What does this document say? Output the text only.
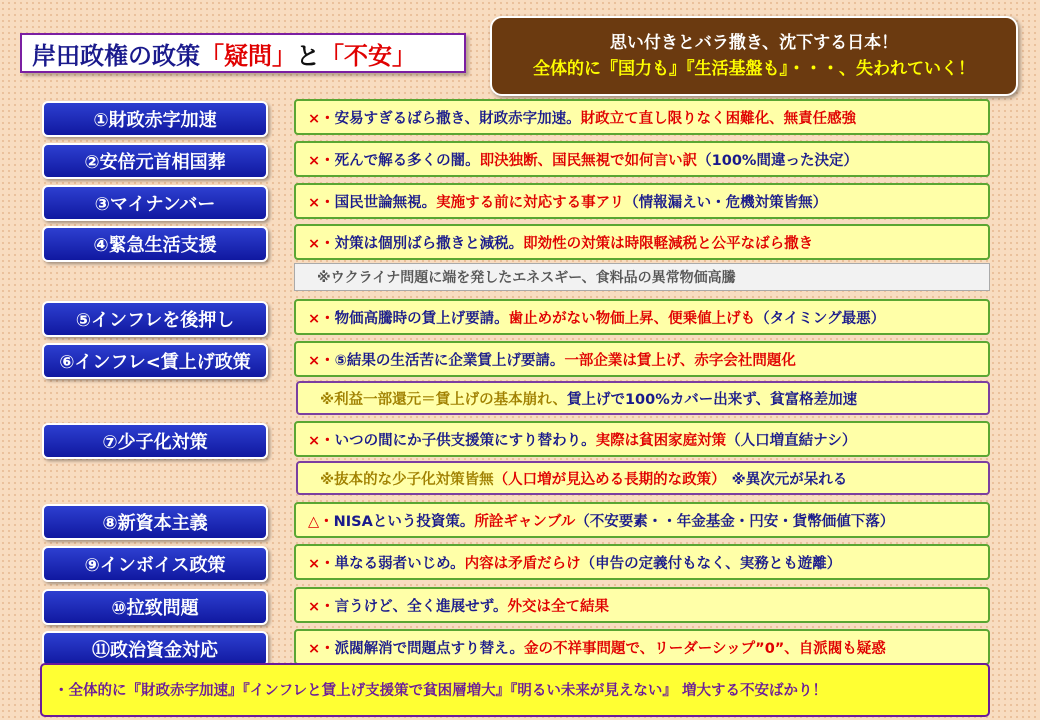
岸田政権の政策 「疑問」 と 「不安」	思い付きとバラ撒き、沈下する日本！
全体的に『国力も』『生活基盤も』・・・、失われていく！
①財政赤字加速	×・ 安易すぎるばら撒き、財政赤字加速。 財政立て直し限りなく困難化、無責任感強
②安倍元首相国葬	×・ 死んで解る多くの闇。 即決独断、国民無視で如何言い訳 （100%間違った決定）
③マイナンバー	×・ 国民世論無視。 実施する前に対応する事アリ （情報漏えい・危機対策皆無）
④緊急生活支援	×・ 対策は個別ばら撒きと減税。 即効性の対策は時限軽減税と公平なばら撒き
※ウクライナ問題に端を発したエネスギー、食料品の異常物価高騰
⑤インフレを後押し	×・ 物価高騰時の賃上げ要請。 歯止めがない物価上昇、便乗値上げも （タイミング最悪）
⑥インフレ<賃上げ政策	×・ ⑤結果の生活苦に企業賃上げ要請。 一部企業は賃上げ、赤字会社問題化
※利益一部還元＝賃上げの基本崩れ、 賃上げで100%カバー出来ず、貧富格差加速
⑦少子化対策	×・ いつの間にか子供支援策にすり替わり。 実際は貧困家庭対策 （人口増直結ナシ）
※抜本的な少子化対策皆無 （人口増が見込める長期的な政策） ※異次元が呆れる
⑧新資本主義	△・ NISAという投資策。 所詮ギャンブル （不安要素・・年金基金・円安・貨幣価値下落）
⑨インボイス政策	×・ 単なる弱者いじめ。 内容は矛盾だらけ （申告の定義付もなく、実務とも遊離）
⑩拉致問題	×・ 言うけど、全く進展せず。 外交は全て結果
⑪政治資金対応	×・ 派閥解消で問題点すり替え。 金の不祥事問題で、リーダーシップ”0”、自派閥も疑惑
・全体的に『財政赤字加速』『インフレと賃上げ支援策で貧困層増大』『明るい未来が見えない』 増大する不安ばかり！
